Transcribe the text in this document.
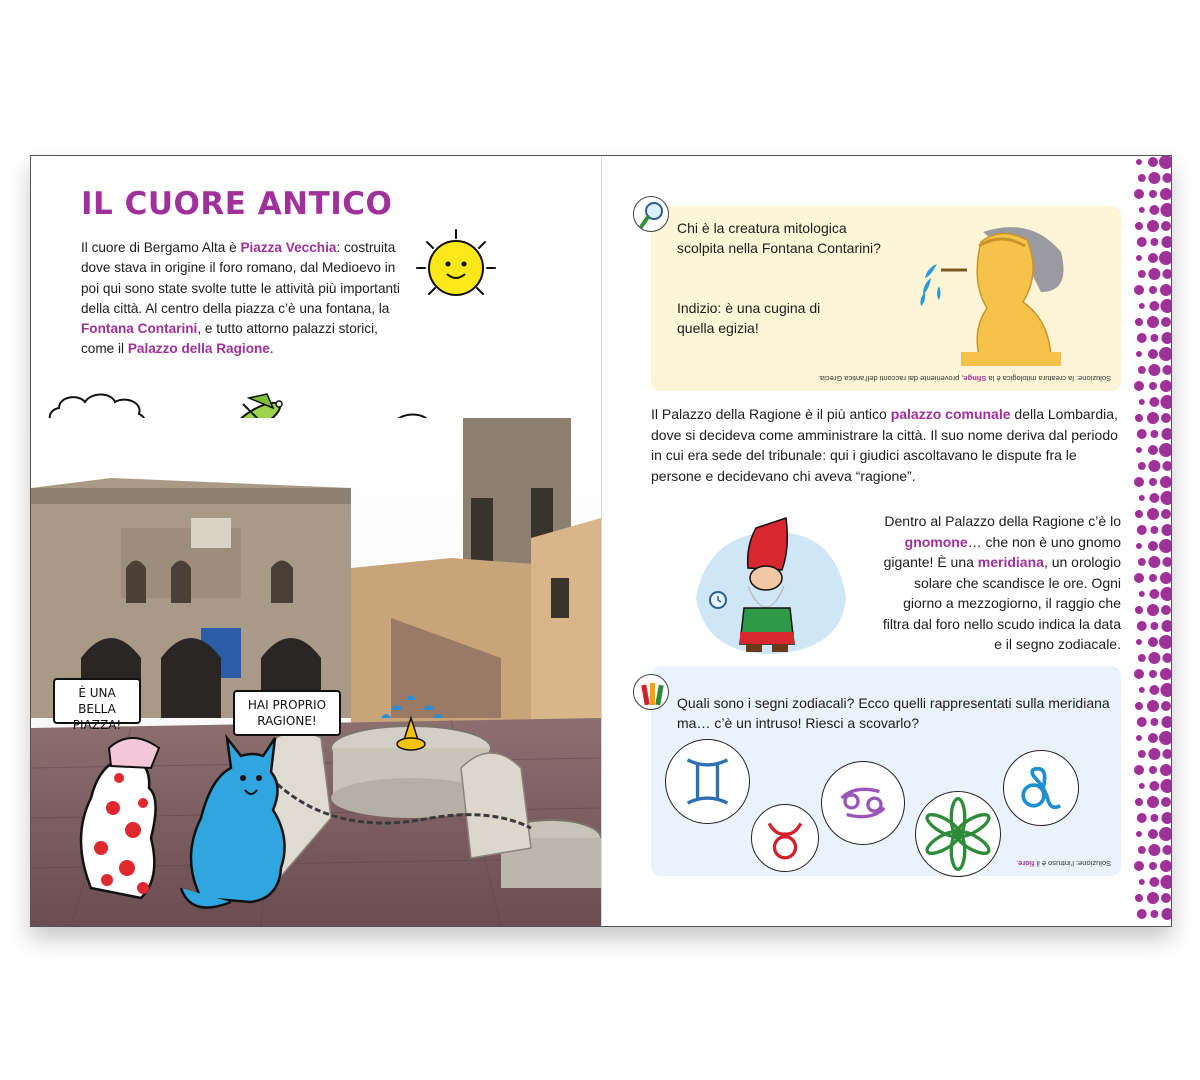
IL CUORE ANTICO

Il cuore di Bergamo Alta è Piazza Vecchia: costruita dove stava in origine il foro romano, dal Medioevo in poi qui sono state svolte tutte le attività più importanti della città. Al centro della piazza c’è una fontana, la Fontana Contarini, e tutto attorno palazzi storici, come il Palazzo della Ragione.

È UNA BELLA PIAZZA!
HAI PROPRIO RAGIONE!

Chi è la creatura mitologica scolpita nella Fontana Contarini?

Indizio: è una cugina di quella egizia!

Soluzione: la creatura mitologica è la Sfinge, proveniente dai racconti dell’antica Grecia.

Il Palazzo della Ragione è il più antico palazzo comunale della Lombardia, dove si decideva come amministrare la città. Il suo nome deriva dal periodo in cui era sede del tribunale: qui i giudici ascoltavano le dispute fra le persone e decidevano chi aveva “ragione”.

Dentro al Palazzo della Ragione c’è lo gnomone… che non è uno gnomo gigante! È una meridiana, un orologio solare che scandisce le ore. Ogni giorno a mezzogiorno, il raggio che filtra dal foro nello scudo indica la data e il segno zodiacale.

Quali sono i segni zodiacali? Ecco quelli rappresentati sulla meridiana ma… c’è un intruso! Riesci a scovarlo?

Soluzione: l’intruso è il fiore.
